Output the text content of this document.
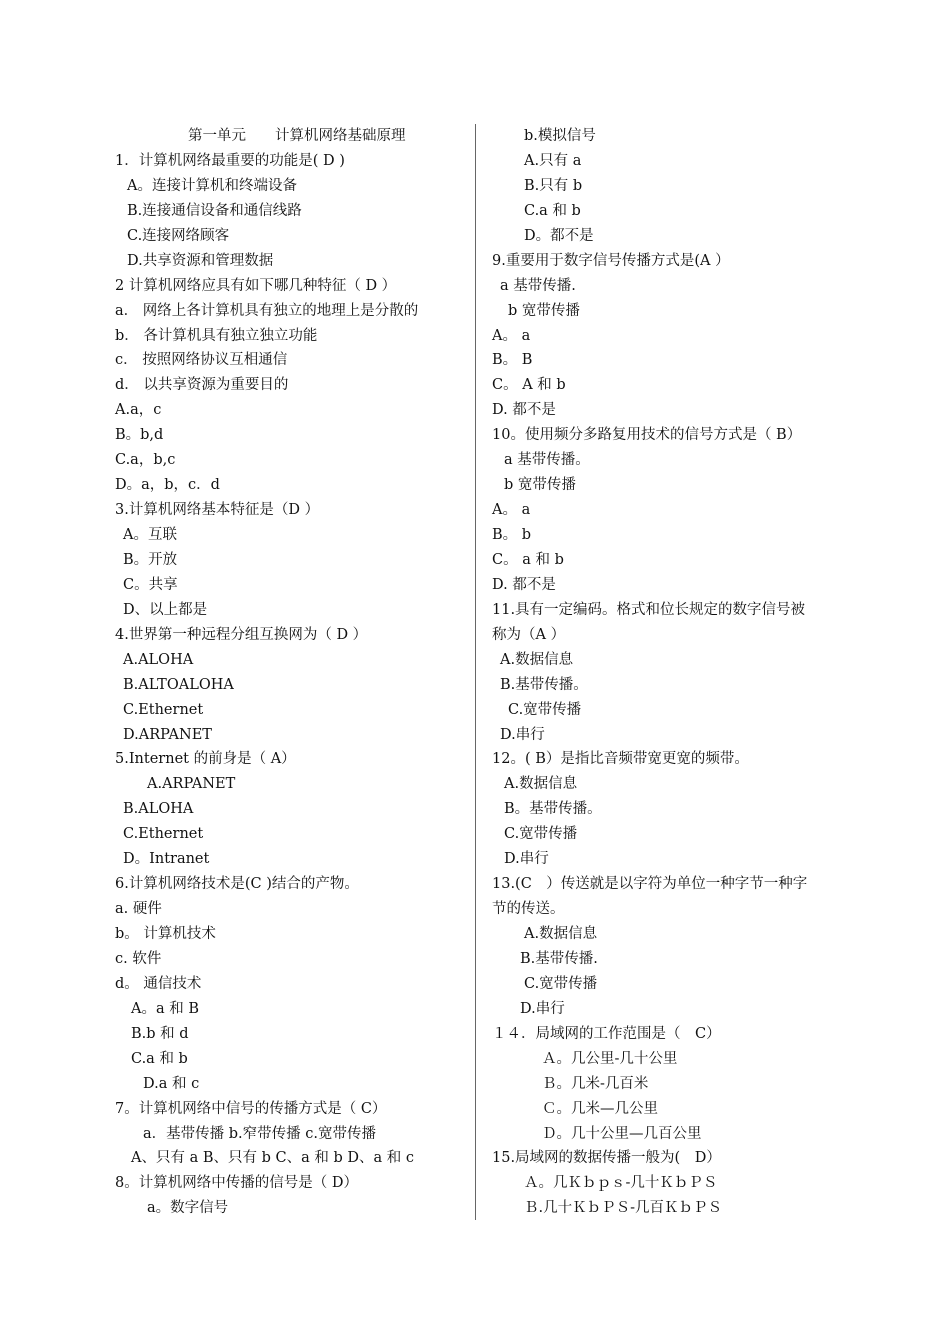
第一单元　　计算机网络基础原理
1．计算机网络最重要的功能是( D )
A。连接计算机和终端设备
B.连接通信设备和通信线路
C.连接网络顾客
D.共享资源和管理数据
2 计算机网络应具有如下哪几种特征（ D ）
a． 网络上各计算机具有独立的地理上是分散的
b． 各计算机具有独立独立功能
c． 按照网络协议互相通信
d． 以共享资源为重要目的
A.a，c
B。b,d
C.a，b,c
D。a，b，c．d
3.计算机网络基本特征是（D ）
A。互联
B。开放
C。共享
D、以上都是
4.世界第一种远程分组互换网为（ D ）
A.ALOHA
B.ALTOALOHA
C.Ethernet
D.ARPANET
5.Internet 的前身是（ A）
A.ARPANET
B.ALOHA
C.Ethernet
D。Intranet
6.计算机网络技术是(C )结合的产物。
a. 硬件
b。 计算机技术
c. 软件
d。 通信技术
A。a 和 B
B.b 和 d
C.a 和 b
D.a 和 c
7。计算机网络中信号的传播方式是（ C）
a．基带传播 b.窄带传播 c.宽带传播
A、只有 a B、只有 b C、a 和 b D、a 和 c
8。计算机网络中传播的信号是（ D）
a。数字信号
b.模拟信号
A.只有 a
B.只有 b
C.a 和 b
D。都不是
9.重要用于数字信号传播方式是(A ）
a 基带传播.
b 宽带传播
A。 a
B。 B
C。 A 和 b
D. 都不是
10。使用频分多路复用技术的信号方式是（ B）
a 基带传播。
b 宽带传播
A。 a
B。 b
C。 a 和 b
D. 都不是
11.具有一定编码。格式和位长规定的数字信号被
称为（A ）
A.数据信息
B.基带传播。
C.宽带传播
D.串行
12。( B）是指比音频带宽更宽的频带。
A.数据信息
B。基带传播。
C.宽带传播
D.串行
13.(C　）传送就是以字符为单位一种字节一种字
节的传送。
A.数据信息
B.基带传播.
C.宽带传播
D.串行
１４．局域网的工作范围是（　C）
Ａ。几公里-几十公里
Ｂ。几米-几百米
Ｃ。几米—几公里
Ｄ。几十公里—几百公里
15.局域网的数据传播一般为(　D）
Ａ。几Ｋｂｐｓ-几十ＫｂＰＳ
Ｂ.几十ＫｂＰＳ-几百ＫｂＰＳ
